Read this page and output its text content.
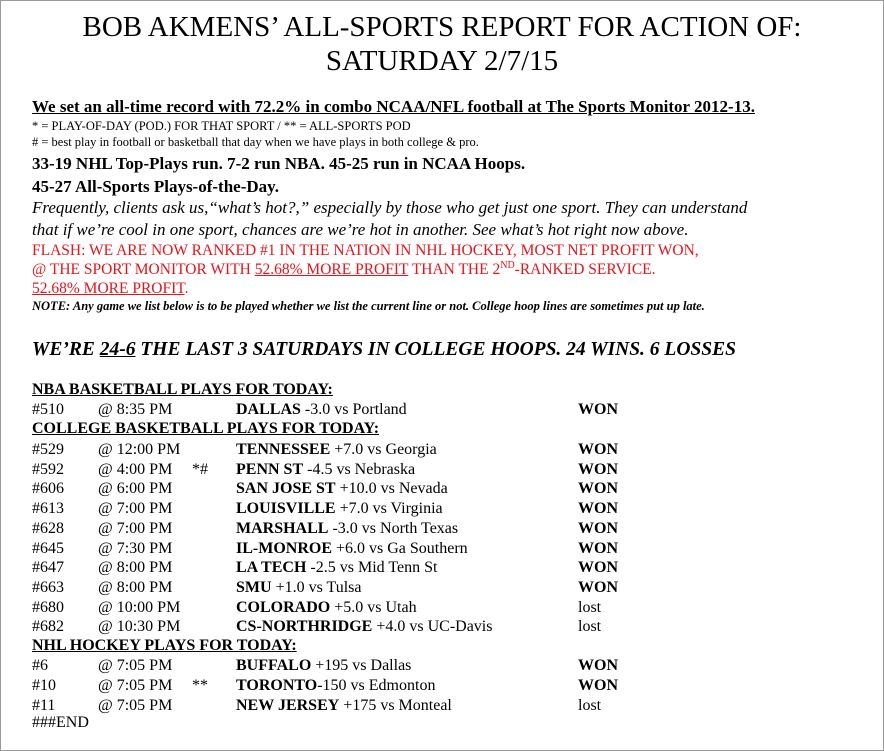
BOB AKMENS’ ALL-SPORTS REPORT FOR ACTION OF:
SATURDAY 2/7/15
We set an all-time record with 72.2% in combo NCAA/NFL football at The Sports Monitor 2012-13.
* = PLAY-OF-DAY (POD.) FOR THAT SPORT / ** = ALL-SPORTS POD
# = best play in football or basketball that day when we have plays in both college & pro.
33-19 NHL Top-Plays run. 7-2 run NBA. 45-25 run in NCAA Hoops.
45-27 All-Sports Plays-of-the-Day.
Frequently, clients ask us,“what’s hot?,” especially by those who get just one sport. They can understand
that if we’re cool in one sport, chances are we’re hot in another. See what’s hot right now above.
FLASH: WE ARE NOW RANKED #1 IN THE NATION IN NHL HOCKEY, MOST NET PROFIT WON,
@ THE SPORT MONITOR WITH 52.68% MORE PROFIT THAN THE 2ND-RANKED SERVICE.
52.68% MORE PROFIT.
NOTE: Any game we list below is to be played whether we list the current line or not. College hoop lines are sometimes put up late.
WE’RE 24-6 THE LAST 3 SATURDAYS IN COLLEGE HOOPS. 24 WINS. 6 LOSSES
NBA BASKETBALL PLAYS FOR TODAY:
#510 @ 8:35 PM	DALLAS -3.0 vs Portland	WON
COLLEGE BASKETBALL PLAYS FOR TODAY:
#529 @ 12:00 PM	TENNESSEE +7.0 vs Georgia	WON
#592 @ 4:00 PM *# PENN ST -4.5 vs Nebraska	WON
#606 @ 6:00 PM	SAN JOSE ST +10.0 vs Nevada	WON
#613 @ 7:00 PM	LOUISVILLE +7.0 vs Virginia	WON
#628 @ 7:00 PM	MARSHALL -3.0 vs North Texas	WON
#645 @ 7:30 PM	IL-MONROE +6.0 vs Ga Southern	WON
#647 @ 8:00 PM	LA TECH -2.5 vs Mid Tenn St	WON
#663 @ 8:00 PM	SMU +1.0 vs Tulsa	WON
#680 @ 10:00 PM	COLORADO +5.0 vs Utah	lost
#682 @ 10:30 PM	CS-NORTHRIDGE +4.0 vs UC-Davis	lost
NHL HOCKEY PLAYS FOR TODAY:
#6	@ 7:05 PM	BUFFALO +195 vs Dallas	WON
#10	@ 7:05 PM ** TORONTO-150 vs Edmonton	WON
#11	@ 7:05 PM	NEW JERSEY +175 vs Monteal	lost
###END
